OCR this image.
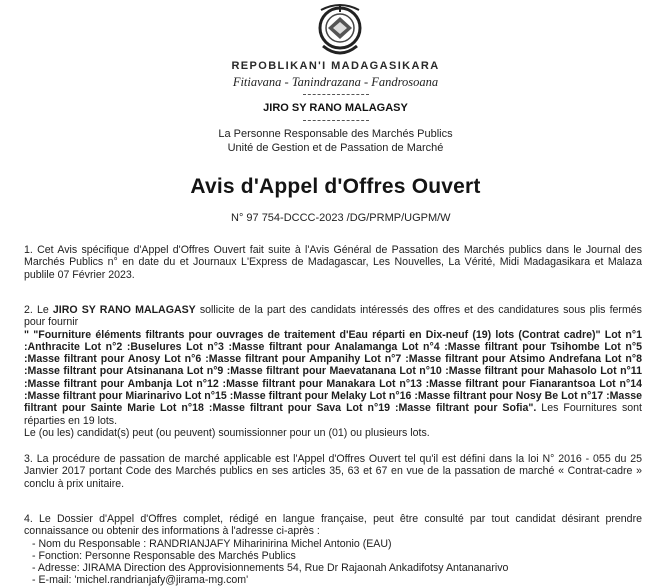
REPOBLIKAN'I MADAGASIKARA
Fitiavana - Tanindrazana - Fandrosoana
JIRO SY RANO MALAGASY
La Personne Responsable des Marchés Publics
Unité de Gestion et de Passation de Marché
Avis d'Appel d'Offres Ouvert
N° 97 754-DCCC-2023 /DG/PRMP/UGPM/W
1. Cet Avis spécifique d'Appel d'Offres Ouvert fait suite à l'Avis Général de Passation des Marchés publics dans le Journal des Marchés Publics n° en date du et Journaux L'Express de Madagascar, Les Nouvelles, La Vérité, Midi Madagasikara et Malaza publile 07 Février 2023.
2. Le JIRO SY RANO MALAGASY sollicite de la part des candidats intéressés des offres et des candidatures sous plis fermés pour fournir
" "Fourniture éléments filtrants pour ouvrages de traitement d'Eau réparti en Dix-neuf (19) lots (Contrat cadre)" Lot n°1 :Anthracite Lot n°2 :Buselures Lot n°3 :Masse filtrant pour Analamanga Lot n°4 :Masse filtrant pour Tsihombe Lot n°5 :Masse filtrant pour Anosy Lot n°6 :Masse filtrant pour Ampanihy Lot n°7 :Masse filtrant pour Atsimo Andrefana Lot n°8 :Masse filtrant pour Atsinanana Lot n°9 :Masse filtrant pour Maevatanana Lot n°10 :Masse filtrant pour Mahasolo Lot n°11 :Masse filtrant pour Ambanja Lot n°12 :Masse filtrant pour Manakara Lot n°13 :Masse filtrant pour Fianarantsoa Lot n°14 :Masse filtrant pour Miarinarivo Lot n°15 :Masse filtrant pour Melaky Lot n°16 :Masse filtrant pour Nosy Be Lot n°17 :Masse filtrant pour Sainte Marie Lot n°18 :Masse filtrant pour Sava Lot n°19 :Masse filtrant pour Sofia". Les Fournitures sont réparties en 19 lots.
Le (ou les) candidat(s) peut (ou peuvent) soumissionner pour un (01) ou plusieurs lots.
3. La procédure de passation de marché applicable est l'Appel d'Offres Ouvert tel qu'il est défini dans la loi N° 2016 - 055 du 25 Janvier 2017 portant Code des Marchés publics en ses articles 35, 63 et 67 en vue de la passation de marché « Contrat-cadre » conclu à prix unitaire.
4. Le Dossier d'Appel d'Offres complet, rédigé en langue française, peut être consulté par tout candidat désirant prendre connaissance ou obtenir des informations à l'adresse ci-après :
- Nom du Responsable : RANDRIANJAFY Miharinirina Michel Antonio (EAU)
- Fonction: Personne Responsable des Marchés Publics
- Adresse: JIRAMA Direction des Approvisionnements 54, Rue Dr Rajaonah Ankadifotsy Antananarivo
- E-mail: 'michel.randrianjafy@jirama-mg.com'
